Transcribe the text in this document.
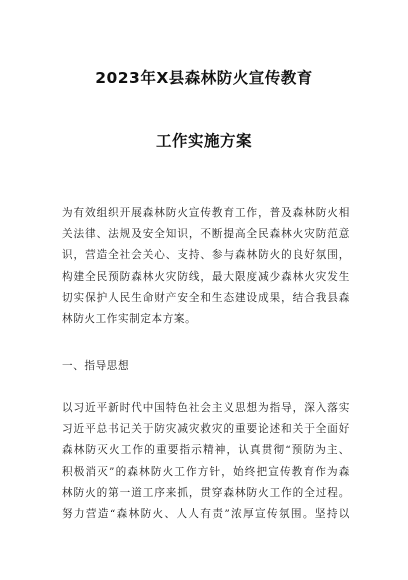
2023年X县森林防火宣传教育
工作实施方案
为有效组织开展森林防火宣传教育工作，普及森林防火相
关法律、法规及安全知识，不断提高全民森林火灾防范意
识，营造全社会关心、支持、参与森林防火的良好氛围，
构建全民预防森林火灾防线，最大限度减少森林火灾发生
切实保护人民生命财产安全和生态建设成果，结合我县森
林防火工作实制定本方案。
一、指导思想
以习近平新时代中国特色社会主义思想为指导，深入落实
习近平总书记关于防灾减灾救灾的重要论述和关于全面好
森林防灭火工作的重要指示精神，认真贯彻“预防为主、
积极消灭”的森林防火工作方针，始终把宣传教育作为森
林防火的第一道工序来抓，贯穿森林防火工作的全过程。
努力营造“森林防火、人人有责”浓厚宣传氛围。坚持以
